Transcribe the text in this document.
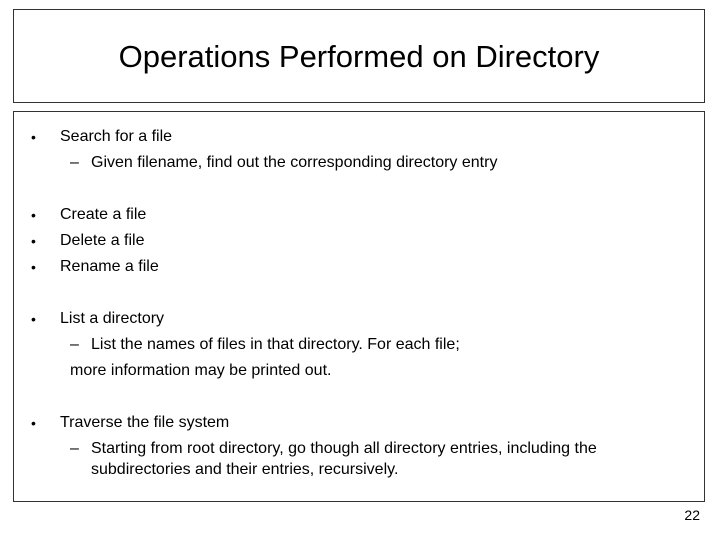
Operations Performed on Directory
• Search for a file
– Given filename, find out the corresponding directory entry
• Create a file
• Delete a file
• Rename a file
• List a directory
– List the names of files in that directory. For each file;
more information may be printed out.
• Traverse the file system
– Starting from root directory, go though all directory entries, including the
subdirectories and their entries, recursively.
22
